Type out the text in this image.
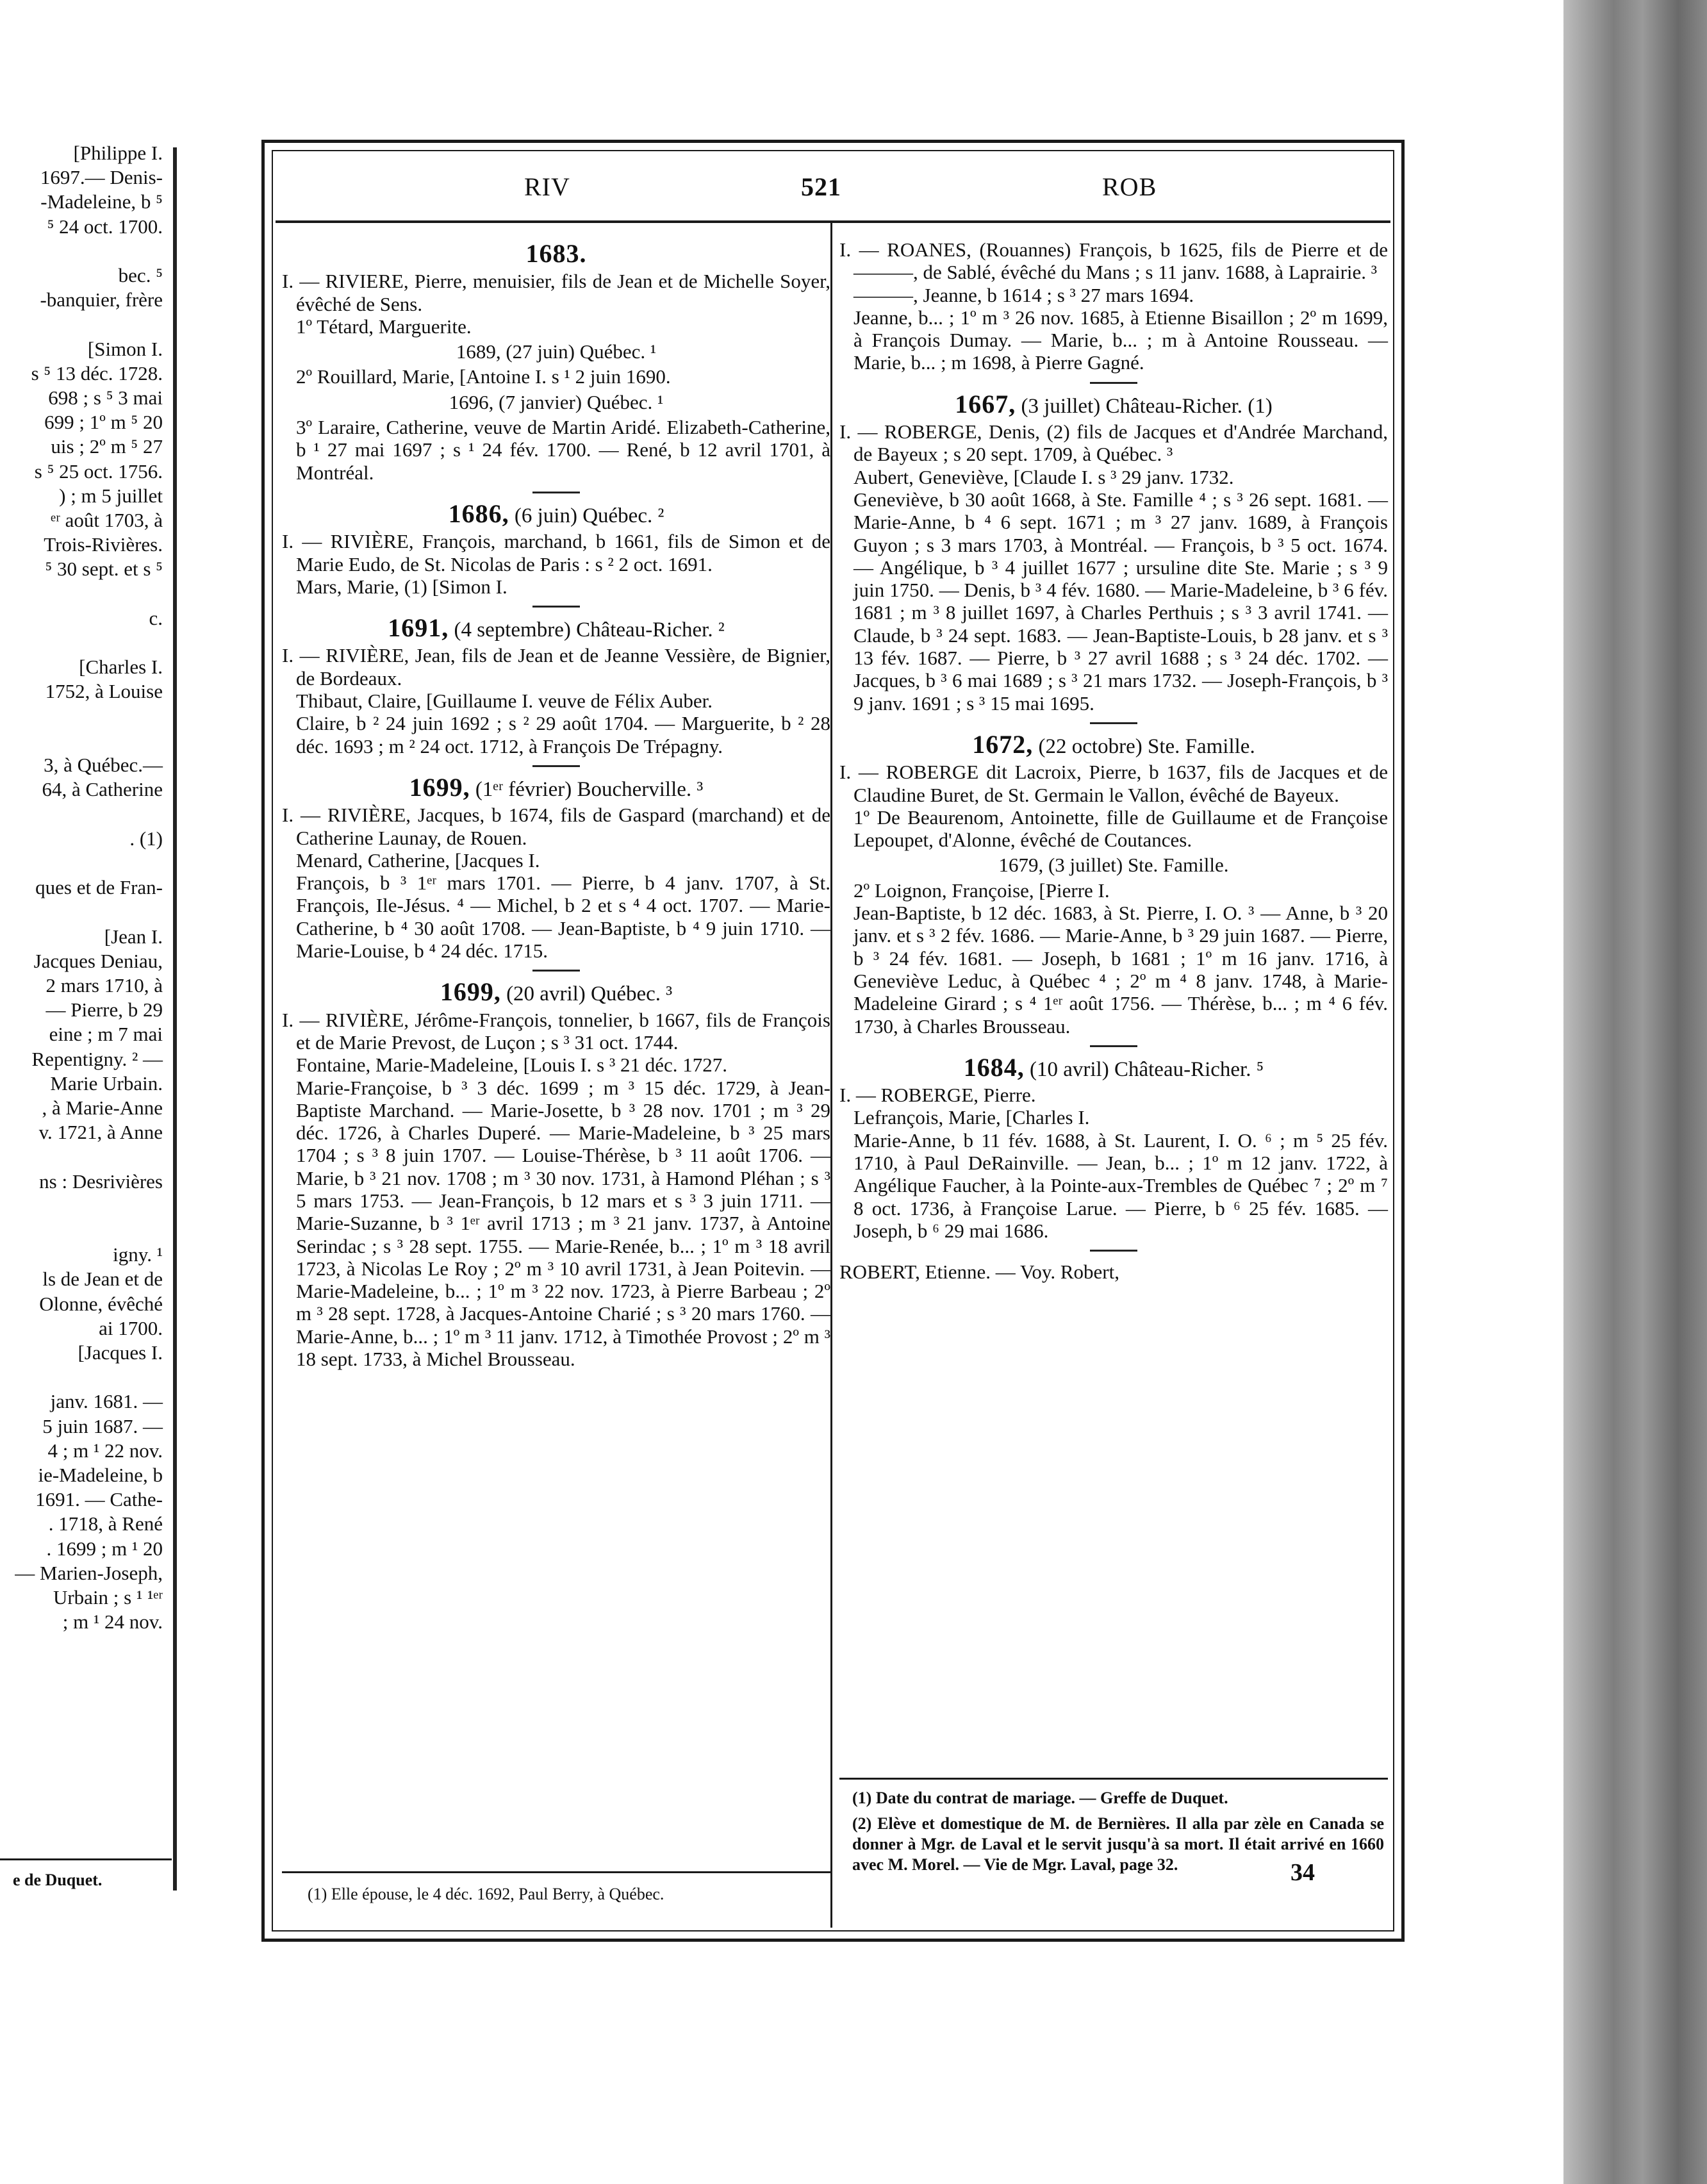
[Philippe I.

1697.— Denis-

-Madeleine, b ⁵

⁵ 24 oct. 1700.

bec. ⁵

-banquier, frère

[Simon I.

s ⁵ 13 déc. 1728.

698 ; s ⁵ 3 mai

699 ; 1º m ⁵ 20

uis ; 2º m ⁵ 27

s ⁵ 25 oct. 1756.

) ; m 5 juillet

ᵉʳ août 1703, à

Trois-Rivières.

⁵ 30 sept. et s ⁵

c.

[Charles I.

1752, à Louise

3, à Québec.—

64, à Catherine

. (1)

ques et de Fran-

[Jean I.

Jacques Deniau,

2 mars 1710, à

— Pierre, b 29

eine ; m 7 mai

Repentigny. ² —

Marie Urbain.

, à Marie-Anne

v. 1721, à Anne

ns : Desrivières

igny. ¹

ls de Jean et de

Olonne, évêché

ai 1700.

[Jacques I.

janv. 1681. —

5 juin 1687. —

4 ; m ¹ 22 nov.

ie-Madeleine, b

1691. — Cathe-

. 1718, à René

. 1699 ; m ¹ 20

— Marien-Joseph,

Urbain ; s ¹ ¹ᵉʳ

; m ¹ 24 nov.

e de Duquet.
RIV	521	ROB

1683.

I. — RIVIERE, Pierre, menuisier, fils de Jean et de Michelle Soyer, évêché de Sens.

1º Tétard, Marguerite.

1689, (27 juin) Québec. ¹

2º Rouillard, Marie, [Antoine I. s ¹ 2 juin 1690.

1696, (7 janvier) Québec. ¹

3º Laraire, Catherine, veuve de Martin Aridé. Elizabeth-Catherine, b ¹ 27 mai 1697 ; s ¹ 24 fév. 1700. — René, b 12 avril 1701, à Montréal.

1686, (6 juin) Québec. ²

I. — RIVIÈRE, François, marchand, b 1661, fils de Simon et de Marie Eudo, de St. Nicolas de Paris : s ² 2 oct. 1691.

Mars, Marie, (1) [Simon I.

1691, (4 septembre) Château-Richer. ²

I. — RIVIÈRE, Jean, fils de Jean et de Jeanne Vessière, de Bignier, de Bordeaux.

Thibaut, Claire, [Guillaume I. veuve de Félix Auber.

Claire, b ² 24 juin 1692 ; s ² 29 août 1704. — Marguerite, b ² 28 déc. 1693 ; m ² 24 oct. 1712, à François De Trépagny.

1699, (1ᵉʳ février) Boucherville. ³

I. — RIVIÈRE, Jacques, b 1674, fils de Gaspard (marchand) et de Catherine Launay, de Rouen.

Menard, Catherine, [Jacques I.

François, b ³ 1ᵉʳ mars 1701. — Pierre, b 4 janv. 1707, à St. François, Ile-Jésus. ⁴ — Michel, b 2 et s ⁴ 4 oct. 1707. — Marie-Catherine, b ⁴ 30 août 1708. — Jean-Baptiste, b ⁴ 9 juin 1710. — Marie-Louise, b ⁴ 24 déc. 1715.

1699, (20 avril) Québec. ³

I. — RIVIÈRE, Jérôme-François, tonnelier, b 1667, fils de François et de Marie Prevost, de Luçon ; s ³ 31 oct. 1744.

Fontaine, Marie-Madeleine, [Louis I. s ³ 21 déc. 1727.

Marie-Françoise, b ³ 3 déc. 1699 ; m ³ 15 déc. 1729, à Jean-Baptiste Marchand. — Marie-Josette, b ³ 28 nov. 1701 ; m ³ 29 déc. 1726, à Charles Duperé. — Marie-Madeleine, b ³ 25 mars 1704 ; s ³ 8 juin 1707. — Louise-Thérèse, b ³ 11 août 1706. — Marie, b ³ 21 nov. 1708 ; m ³ 30 nov. 1731, à Hamond Pléhan ; s ³ 5 mars 1753. — Jean-François, b 12 mars et s ³ 3 juin 1711. — Marie-Suzanne, b ³ 1ᵉʳ avril 1713 ; m ³ 21 janv. 1737, à Antoine Serindac ; s ³ 28 sept. 1755. — Marie-Renée, b... ; 1º m ³ 18 avril 1723, à Nicolas Le Roy ; 2º m ³ 10 avril 1731, à Jean Poitevin. — Marie-Madeleine, b... ; 1º m ³ 22 nov. 1723, à Pierre Barbeau ; 2º m ³ 28 sept. 1728, à Jacques-Antoine Charié ; s ³ 20 mars 1760. — Marie-Anne, b... ; 1º m ³ 11 janv. 1712, à Timothée Provost ; 2º m ³ 18 sept. 1733, à Michel Brousseau.

I. — ROANES, (Rouannes) François, b 1625, fils de Pierre et de ———, de Sablé, évêché du Mans ; s 11 janv. 1688, à Laprairie. ³

———, Jeanne, b 1614 ; s ³ 27 mars 1694.

Jeanne, b... ; 1º m ³ 26 nov. 1685, à Etienne Bisaillon ; 2º m 1699, à François Dumay. — Marie, b... ; m à Antoine Rousseau. — Marie, b... ; m 1698, à Pierre Gagné.

1667, (3 juillet) Château-Richer. (1)

I. — ROBERGE, Denis, (2) fils de Jacques et d'Andrée Marchand, de Bayeux ; s 20 sept. 1709, à Québec. ³

Aubert, Geneviève, [Claude I. s ³ 29 janv. 1732.

Geneviève, b 30 août 1668, à Ste. Famille ⁴ ; s ³ 26 sept. 1681. — Marie-Anne, b ⁴ 6 sept. 1671 ; m ³ 27 janv. 1689, à François Guyon ; s 3 mars 1703, à Montréal. — François, b ³ 5 oct. 1674. — Angélique, b ³ 4 juillet 1677 ; ursuline dite Ste. Marie ; s ³ 9 juin 1750. — Denis, b ³ 4 fév. 1680. — Marie-Madeleine, b ³ 6 fév. 1681 ; m ³ 8 juillet 1697, à Charles Perthuis ; s ³ 3 avril 1741. — Claude, b ³ 24 sept. 1683. — Jean-Baptiste-Louis, b 28 janv. et s ³ 13 fév. 1687. — Pierre, b ³ 27 avril 1688 ; s ³ 24 déc. 1702. — Jacques, b ³ 6 mai 1689 ; s ³ 21 mars 1732. — Joseph-François, b ³ 9 janv. 1691 ; s ³ 15 mai 1695.

1672, (22 octobre) Ste. Famille.

I. — ROBERGE dit Lacroix, Pierre, b 1637, fils de Jacques et de Claudine Buret, de St. Germain le Vallon, évêché de Bayeux.

1º De Beaurenom, Antoinette, fille de Guillaume et de Françoise Lepoupet, d'Alonne, évêché de Coutances.

1679, (3 juillet) Ste. Famille.

2º Loignon, Françoise, [Pierre I.

Jean-Baptiste, b 12 déc. 1683, à St. Pierre, I. O. ³ — Anne, b ³ 20 janv. et s ³ 2 fév. 1686. — Marie-Anne, b ³ 29 juin 1687. — Pierre, b ³ 24 fév. 1681. — Joseph, b 1681 ; 1º m 16 janv. 1716, à Geneviève Leduc, à Québec ⁴ ; 2º m ⁴ 8 janv. 1748, à Marie-Madeleine Girard ; s ⁴ 1ᵉʳ août 1756. — Thérèse, b... ; m ⁴ 6 fév. 1730, à Charles Brousseau.

1684, (10 avril) Château-Richer. ⁵

I. — ROBERGE, Pierre.

Lefrançois, Marie, [Charles I.

Marie-Anne, b 11 fév. 1688, à St. Laurent, I. O. ⁶ ; m ⁵ 25 fév. 1710, à Paul DeRainville. — Jean, b... ; 1º m 12 janv. 1722, à Angélique Faucher, à la Pointe-aux-Trembles de Québec ⁷ ; 2º m ⁷ 8 oct. 1736, à Françoise Larue. — Pierre, b ⁶ 25 fév. 1685. — Joseph, b ⁶ 29 mai 1686.

ROBERT, Etienne. — Voy. Robert,

(1) Elle épouse, le 4 déc. 1692, Paul Berry, à Québec.
(1) Date du contrat de mariage. — Greffe de Duquet.
(2) Elève et domestique de M. de Bernières. Il alla par zèle en Canada se donner à Mgr. de Laval et le servit jusqu'à sa mort. Il était arrivé en 1660 avec M. Morel. — Vie de Mgr. Laval, page 32.	34
